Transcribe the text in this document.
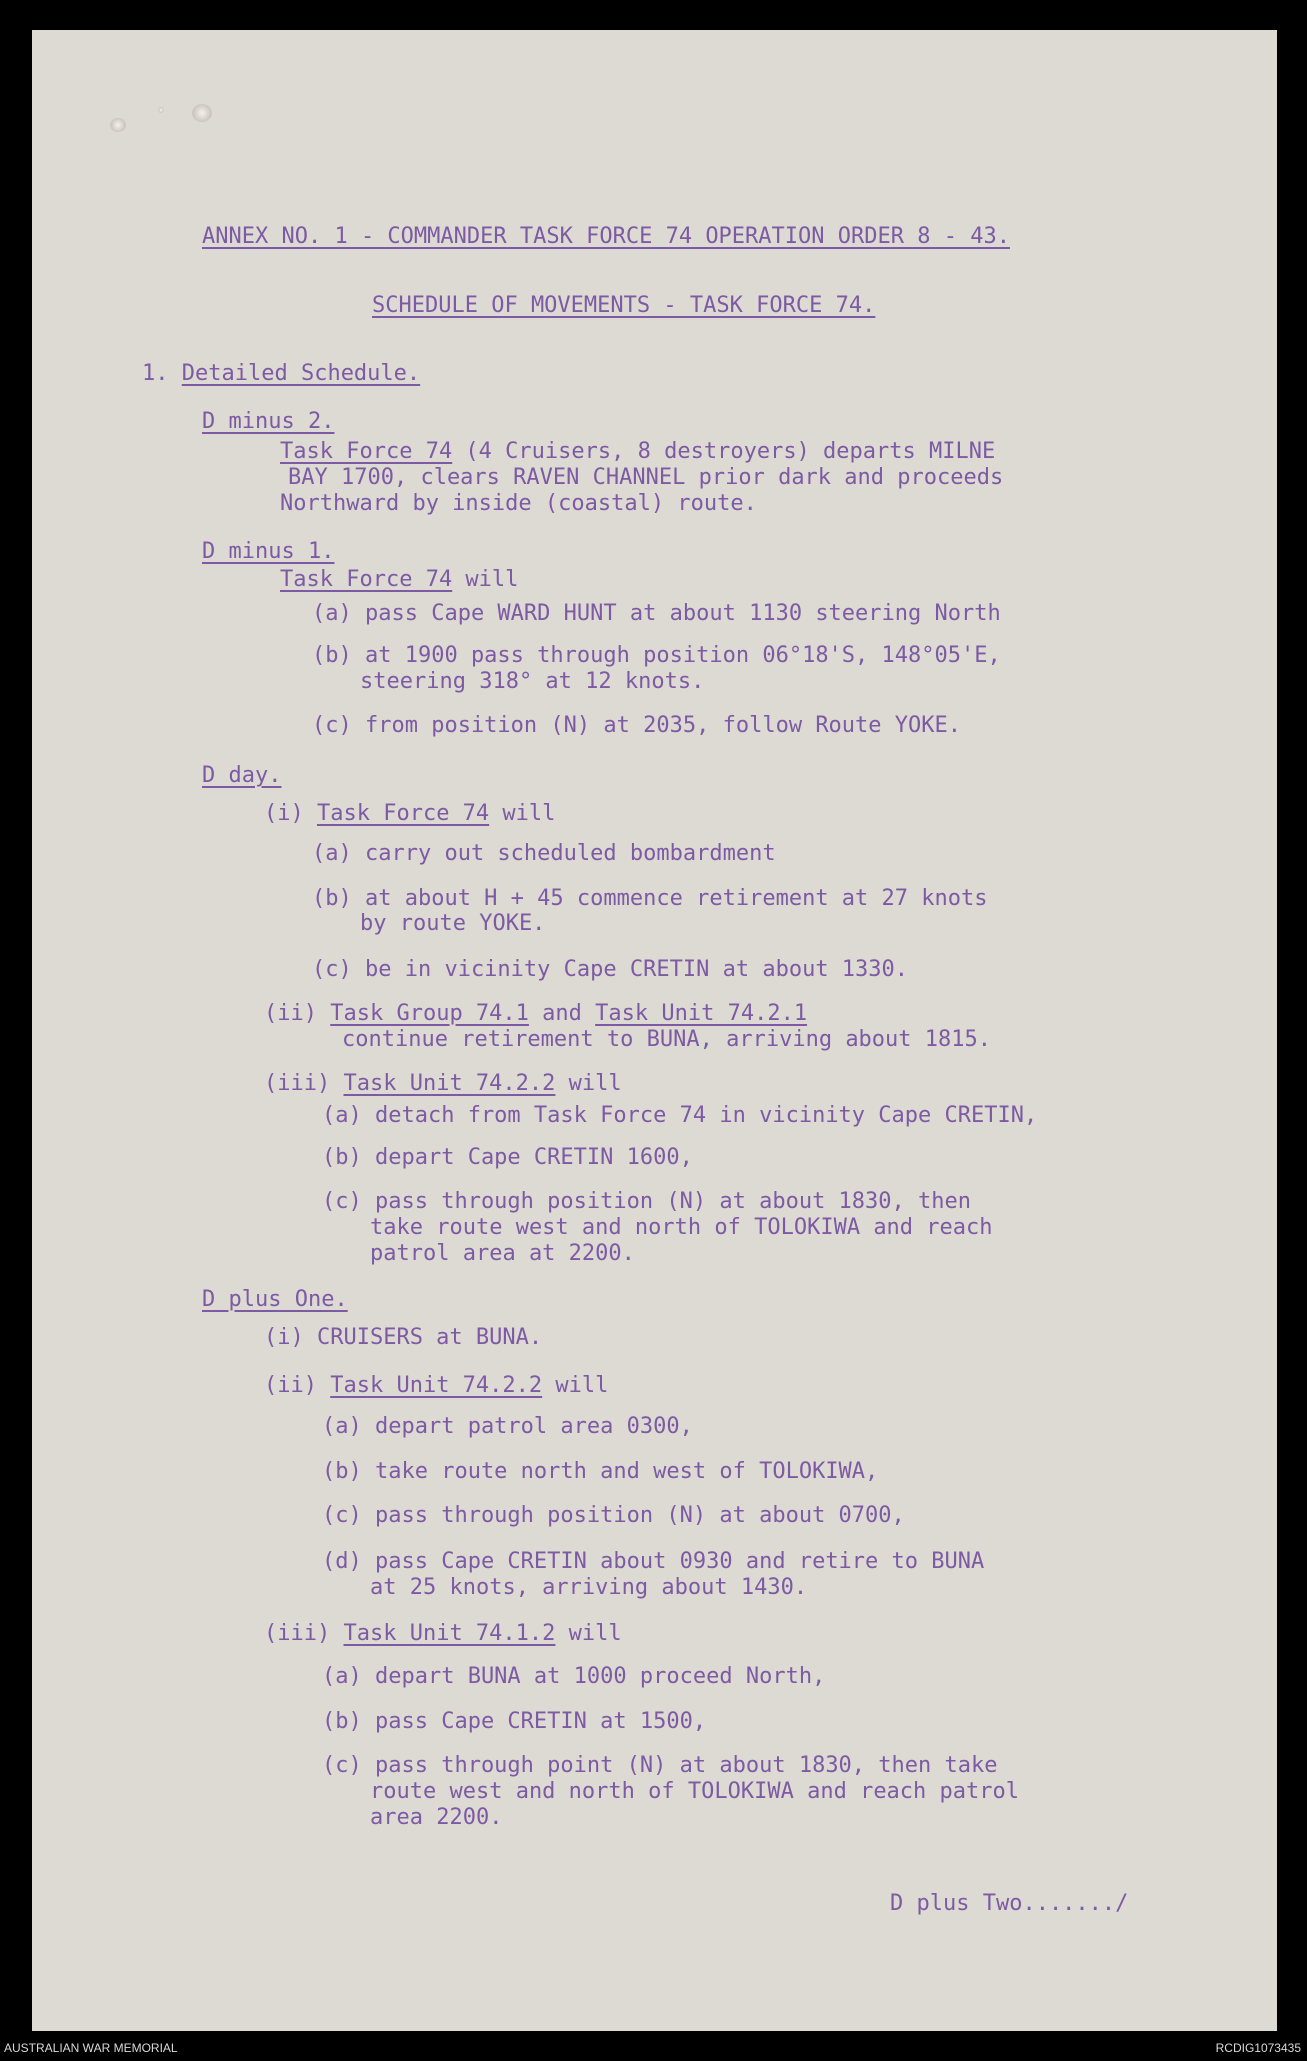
ANNEX NO. 1 - COMMANDER TASK FORCE 74 OPERATION ORDER 8 - 43.
SCHEDULE OF MOVEMENTS - TASK FORCE 74.
1. Detailed Schedule.
D minus 2.
Task Force 74 (4 Cruisers, 8 destroyers) departs MILNE
BAY 1700, clears RAVEN CHANNEL prior dark and proceeds
Northward by inside (coastal) route.
D minus 1.
Task Force 74 will
(a) pass Cape WARD HUNT at about 1130 steering North
(b) at 1900 pass through position 06°18'S, 148°05'E,
steering 318° at 12 knots.
(c) from position (N) at 2035, follow Route YOKE.
D day.
(i) Task Force 74 will
(a) carry out scheduled bombardment
(b) at about H + 45 commence retirement at 27 knots
by route YOKE.
(c) be in vicinity Cape CRETIN at about 1330.
(ii) Task Group 74.1 and Task Unit 74.2.1
continue retirement to BUNA, arriving about 1815.
(iii) Task Unit 74.2.2 will
(a) detach from Task Force 74 in vicinity Cape CRETIN,
(b) depart Cape CRETIN 1600,
(c) pass through position (N) at about 1830, then
take route west and north of TOLOKIWA and reach
patrol area at 2200.
D plus One.
(i) CRUISERS at BUNA.
(ii) Task Unit 74.2.2 will
(a) depart patrol area 0300,
(b) take route north and west of TOLOKIWA,
(c) pass through position (N) at about 0700,
(d) pass Cape CRETIN about 0930 and retire to BUNA
at 25 knots, arriving about 1430.
(iii) Task Unit 74.1.2 will
(a) depart BUNA at 1000 proceed North,
(b) pass Cape CRETIN at 1500,
(c) pass through point (N) at about 1830, then take
route west and north of TOLOKIWA and reach patrol
area 2200.
D plus Two......./
AUSTRALIAN WAR MEMORIAL	RCDIG1073435
